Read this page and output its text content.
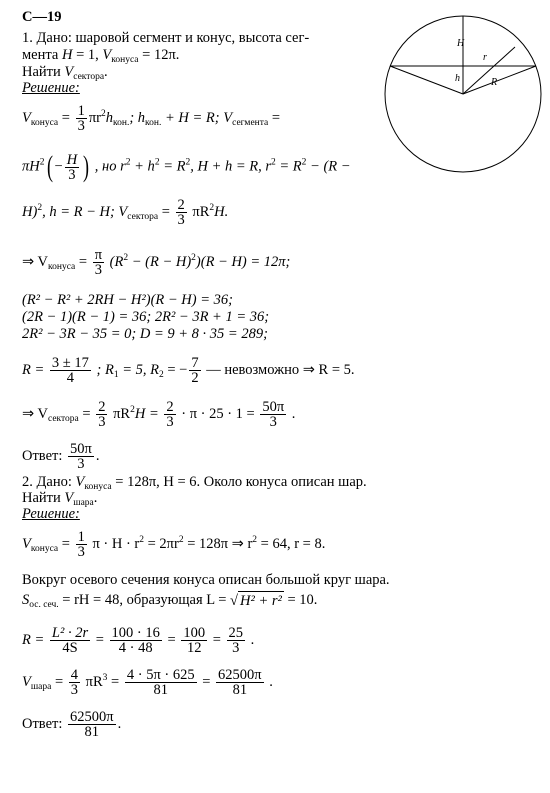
С—19
H
r
h	R
1. Дано: шаровой сегмент и конус, высота сег-
мента H = 1, $V_{конуса} = 12\pi$.
Найти $V_{сектора}$.
Решение:
$V_{конуса} = \frac{1}{3} \pi r^2h_{кон.}$; $h_{кон.} + H = R$; $V_{сегмента}$ =
$\pi H^2( - \frac{H}{3}$ ) , но $r^2 + h^2 = R^2$, H + h = R, $r^2 = R^2 - (R$ −
H)$^2$, h = R − H; $V_{сектора} = \frac{2}{3} \pi R^2H$.
⇒ $V_{конуса} = \frac{\pi}{3} (R^2 - (R - H)^2)(R - H) = 12\pi$;
(R² − R² + 2RH − H²)(R − H) = 36;
(2R − 1)(R − 1) = 36; 2R² − 3R + 1 = 36;
2R² − 3R − 35 = 0; D = 9 + 8 · 35 = 289;
$R = \frac{3 \pm 17}{4}$ ; $R_1 = 5$, $R_2$ = − $\frac{7}{2}$ — невозможно ⇒ R = 5.
⇒ $V_{сектора} = \frac{2}{3} \pi R^2H = \frac{2}{3} \cdot \pi \cdot 25 \cdot 1 = \frac{50\pi}{3}$ .
Ответ: $\frac{50\pi}{3}$ .
2. Дано: $V_{конуса} = 128\pi$, H = 6. Около конуса описан шар.
Найти $V_{шара}$.
Решение:
$V_{конуса} = \frac{1}{3}$ $\pi \cdot H \cdot r^2 = 2\pi r^2 = 128\pi$ ⇒ $r^2 = 64$, r = 8.
Вокруг осевого сечения конуса описан большой круг шара.
$S_{ос. сеч.}$ = rH = 48, образующая L = √ H² + r² = 10.
$R = \frac{\text{L² · 2r}}{4S} = \frac{100 \cdot 16}{4 \cdot 48} = \frac{100}{12} = \frac{25}{3}$ .
$V_{шара} = \frac{4}{3} \pi R^3 = \frac{4 \cdot 5\pi \cdot 625}{81} = \frac{62500\pi}{81}$ .
Ответ: $\frac{62500\pi}{81}$ .
